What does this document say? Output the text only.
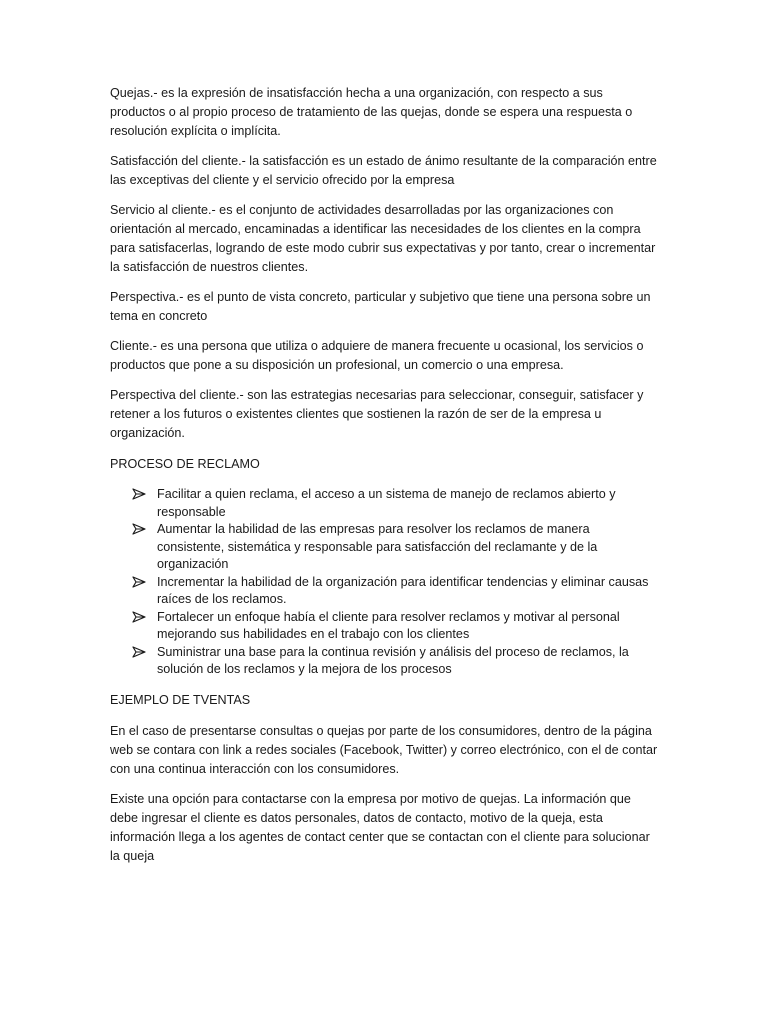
Quejas.- es la expresión de insatisfacción hecha a una organización, con respecto a sus productos o al propio proceso de tratamiento de las quejas, donde se espera una respuesta o resolución explícita o implícita.

Satisfacción del cliente.- la satisfacción es un estado de ánimo resultante de la comparación entre las exceptivas del cliente y el servicio ofrecido por la empresa

Servicio al cliente.- es el conjunto de actividades desarrolladas por las organizaciones con orientación al mercado, encaminadas a identificar las necesidades de los clientes en la compra para satisfacerlas, logrando de este modo cubrir sus expectativas y por tanto, crear o incrementar la satisfacción de nuestros clientes.

Perspectiva.- es el punto de vista concreto, particular y subjetivo que tiene una persona sobre un tema en concreto

Cliente.- es una persona que utiliza o adquiere de manera frecuente u ocasional, los servicios o productos que pone a su disposición un profesional, un comercio o una empresa.

Perspectiva del cliente.- son las estrategias necesarias para seleccionar, conseguir, satisfacer y retener a los futuros o existentes clientes que sostienen la razón de ser de la empresa u organización.

PROCESO DE RECLAMO

Facilitar a quien reclama, el acceso a un sistema de manejo de reclamos abierto y responsable
Aumentar la habilidad de las empresas para resolver los reclamos de manera consistente, sistemática y responsable para satisfacción del reclamante y de la organización
Incrementar la habilidad de la organización para identificar tendencias y eliminar causas raíces de los reclamos.
Fortalecer un enfoque había el cliente para resolver reclamos y motivar al personal mejorando sus habilidades en el trabajo con los clientes
Suministrar una base para la continua revisión y análisis del proceso de reclamos, la solución de los reclamos y la mejora de los procesos

EJEMPLO DE TVENTAS

En el caso de presentarse consultas o quejas por parte de los consumidores, dentro de la página web se contara con link a redes sociales (Facebook, Twitter) y correo electrónico, con el de contar con una continua interacción con los consumidores.

Existe una opción para contactarse con la empresa por motivo de quejas. La información que debe ingresar el cliente es datos personales, datos de contacto, motivo de la queja, esta información llega a los agentes de contact center que se contactan con el cliente para solucionar la queja
